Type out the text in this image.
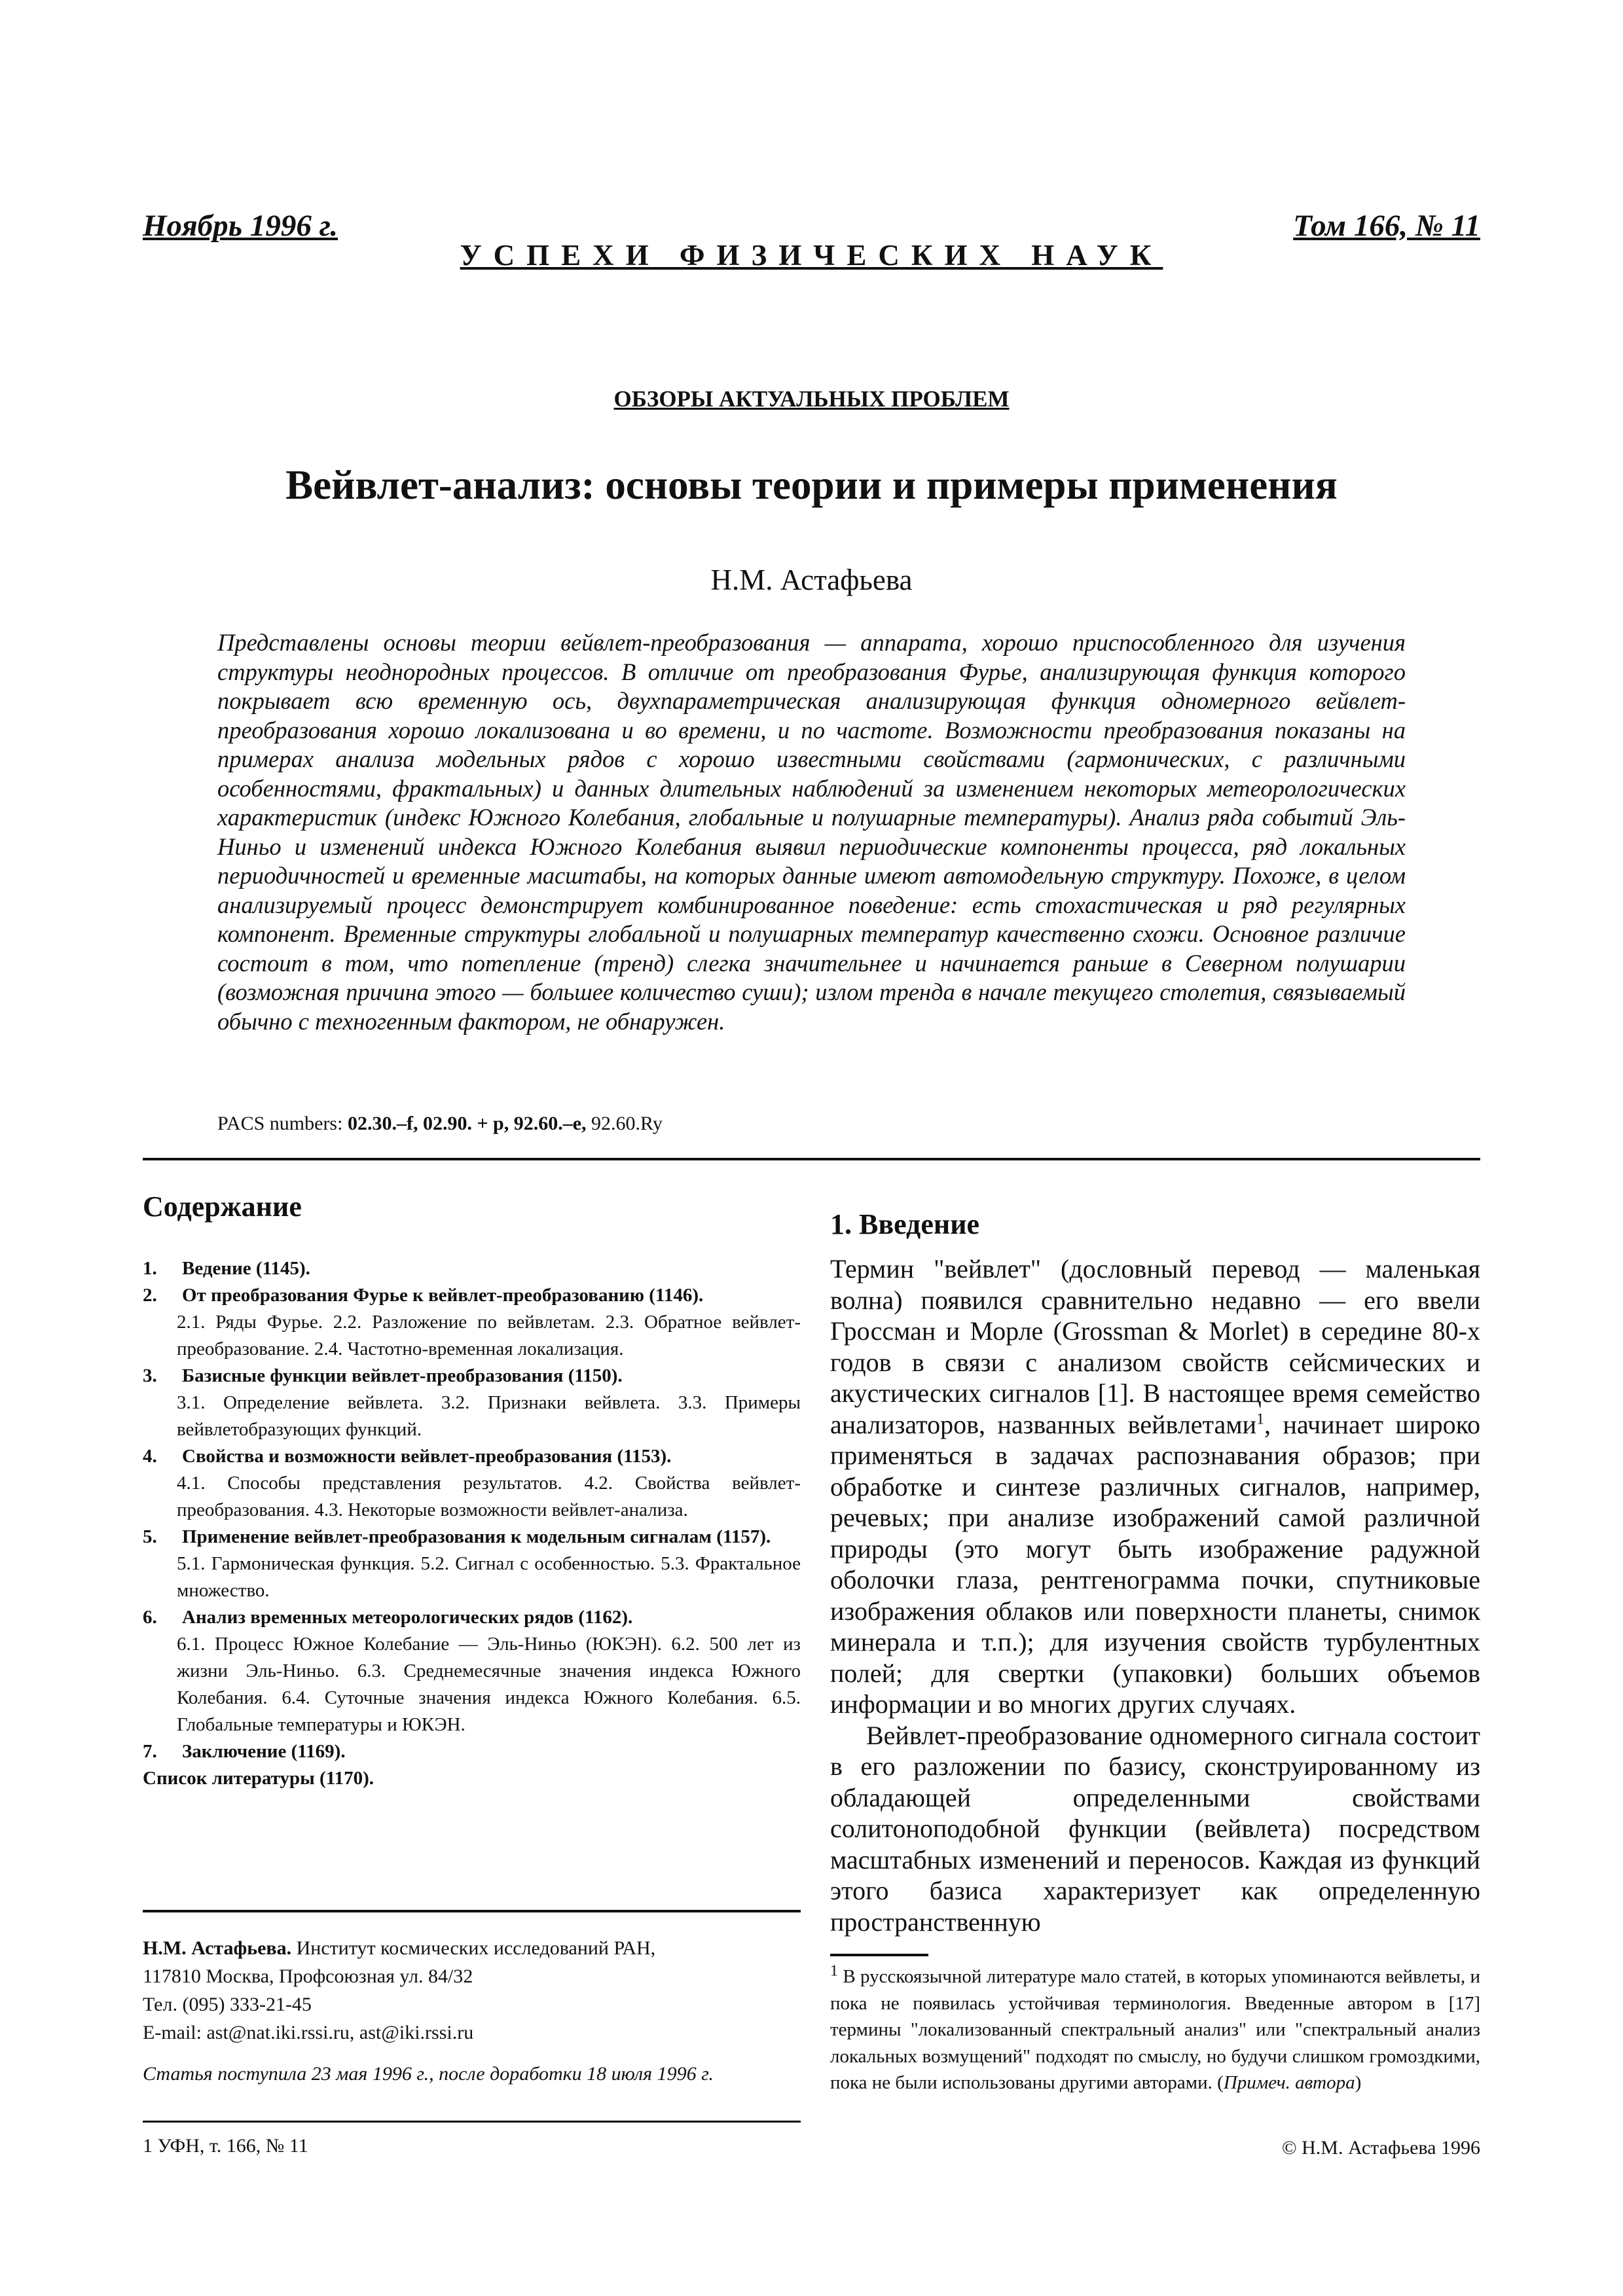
Ноябрь 1996 г.	Том 166, № 11
УСПЕХИ ФИЗИЧЕСКИХ НАУК
ОБЗОРЫ АКТУАЛЬНЫХ ПРОБЛЕМ
Вейвлет-анализ: основы теории и примеры применения
Н.М. Астафьева

Представлены основы теории вейвлет-преобразования — аппарата, хорошо приспособленного для изучения структуры неоднородных процессов. В отличие от преобразования Фурье, анализирующая функция которого покрывает всю временную ось, двухпараметрическая анализирующая функция одномерного вейвлет-преобразования хорошо локализована и во времени, и по частоте. Возможности преобразования показаны на примерах анализа модельных рядов с хорошо известными свойствами (гармонических, с различными особенностями, фрактальных) и данных длительных наблюдений за изменением некоторых метеорологических характеристик (индекс Южного Колебания, глобальные и полушарные температуры). Анализ ряда событий Эль-Ниньо и изменений индекса Южного Колебания выявил периодические компоненты процесса, ряд локальных периодичностей и временные масштабы, на которых данные имеют автомодельную структуру. Похоже, в целом анализируемый процесс демонстрирует комбинированное поведение: есть стохастическая и ряд регулярных компонент. Временные структуры глобальной и полушарных температур качественно схожи. Основное различие состоит в том, что потепление (тренд) слегка значительнее и начинается раньше в Северном полушарии (возможная причина этого — большее количество суши); излом тренда в начале текущего столетия, связываемый обычно с техногенным фактором, не обнаружен.

PACS numbers: 02.30.–f, 02.90. + p, 92.60.–e, 92.60.Ry
Содержание
1. Ведение (1145).
2. От преобразования Фурье к вейвлет-преобразованию (1146).
2.1. Ряды Фурье. 2.2. Разложение по вейвлетам. 2.3. Обратное вейвлет-преобразование. 2.4. Частотно-временная локализация.
3. Базисные функции вейвлет-преобразования (1150).
3.1. Определение вейвлета. 3.2. Признаки вейвлета. 3.3. Примеры вейвлетобразующих функций.
4. Свойства и возможности вейвлет-преобразования (1153).
4.1. Способы представления результатов. 4.2. Свойства вейвлет-преобразования. 4.3. Некоторые возможности вейвлет-анализа.
5. Применение вейвлет-преобразования к модельным сигналам (1157).
5.1. Гармоническая функция. 5.2. Сигнал с особенностью. 5.3. Фрактальное множество.
6. Анализ временных метеорологических рядов (1162).
6.1. Процесс Южное Колебание — Эль-Ниньо (ЮКЭН). 6.2. 500 лет из жизни Эль-Ниньо. 6.3. Среднемесячные значения индекса Южного Колебания. 6.4. Суточные значения индекса Южного Колебания. 6.5. Глобальные температуры и ЮКЭН.
7. Заключение (1169).
Список литературы (1170).
Н.М. Астафьева. Институт космических исследований РАН,
117810 Москва, Профсоюзная ул. 84/32
Тел. (095) 333-21-45
E-mail: ast@nat.iki.rssi.ru, ast@iki.rssi.ru
Статья поступила 23 мая 1996 г., после доработки 18 июля 1996 г.
1 УФН, т. 166, № 11
1. Введение

Термин "вейвлет" (дословный перевод — маленькая волна) появился сравнительно недавно — его ввели Гроссман и Морле (Grossman & Morlet) в середине 80-х годов в связи с анализом свойств сейсмических и акустических сигналов [1]. В настоящее время семейство анализаторов, названных вейвлетами$^1$, начинает широко применяться в задачах распознавания образов; при обработке и синтезе различных сигналов, например, речевых; при анализе изображений самой различной природы (это могут быть изображение радужной оболочки глаза, рентгенограмма почки, спутниковые изображения облаков или поверхности планеты, снимок минерала и т.п.); для изучения свойств турбулентных полей; для свертки (упаковки) больших объемов информации и во многих других случаях.

Вейвлет-преобразование одномерного сигнала состоит в его разложении по базису, сконструированному из обладающей определенными свойствами солитоноподобной функции (вейвлета) посредством масштабных изменений и переносов. Каждая из функций этого базиса характеризует как определенную пространственную

$^1$ В русскоязычной литературе мало статей, в которых упоминаются вейвлеты, и пока не появилась устойчивая терминология. Введенные автором в [17] термины "локализованный спектральный анализ" или "спектральный анализ локальных возмущений" подходят по смыслу, но будучи слишком громоздкими, пока не были использованы другими авторами. (Примеч. автора)

© Н.М. Астафьева 1996
